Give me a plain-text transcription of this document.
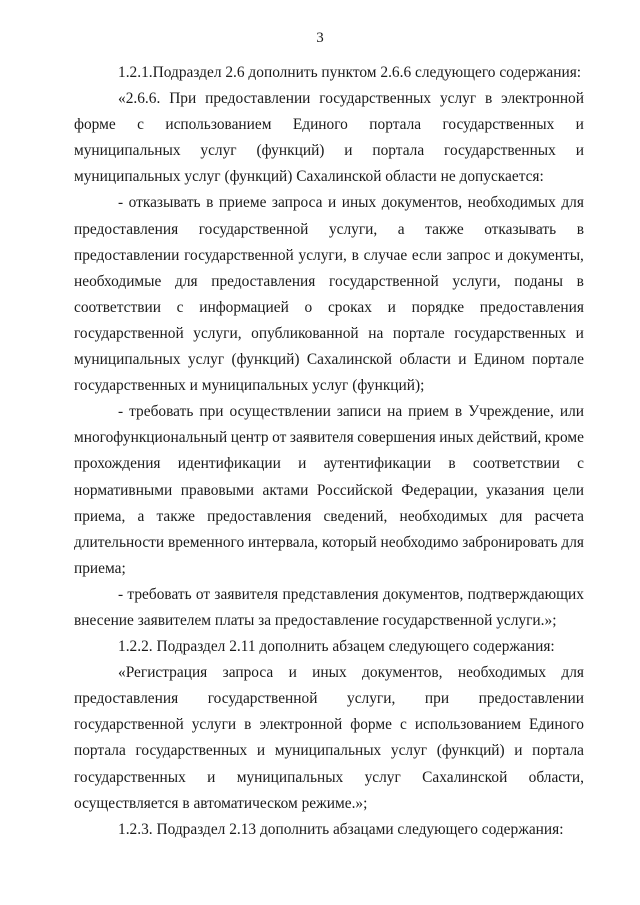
3
1.2.1.Подраздел 2.6 дополнить пунктом 2.6.6 следующего содержания:
«2.6.6. При предоставлении государственных услуг в электронной
форме с использованием Единого портала государственных и
муниципальных услуг (функций) и портала государственных и
муниципальных услуг (функций) Сахалинской области не допускается:
- отказывать в приеме запроса и иных документов, необходимых для
предоставления государственной услуги, а также отказывать в
предоставлении государственной услуги, в случае если запрос и документы,
необходимые для предоставления государственной услуги, поданы в
соответствии с информацией о сроках и порядке предоставления
государственной услуги, опубликованной на портале государственных и
муниципальных услуг (функций) Сахалинской области и Едином портале
государственных и муниципальных услуг (функций);
- требовать при осуществлении записи на прием в Учреждение, или
многофункциональный центр от заявителя совершения иных действий, кроме
прохождения идентификации и аутентификации в соответствии с
нормативными правовыми актами Российской Федерации, указания цели
приема, а также предоставления сведений, необходимых для расчета
длительности временного интервала, который необходимо забронировать для
приема;
- требовать от заявителя представления документов, подтверждающих
внесение заявителем платы за предоставление государственной услуги.»;
1.2.2. Подраздел 2.11 дополнить абзацем следующего содержания:
«Регистрация запроса и иных документов, необходимых для
предоставления государственной услуги, при предоставлении
государственной услуги в электронной форме с использованием Единого
портала государственных и муниципальных услуг (функций) и портала
государственных и муниципальных услуг Сахалинской области,
осуществляется в автоматическом режиме.»;
1.2.3. Подраздел 2.13 дополнить абзацами следующего содержания:
